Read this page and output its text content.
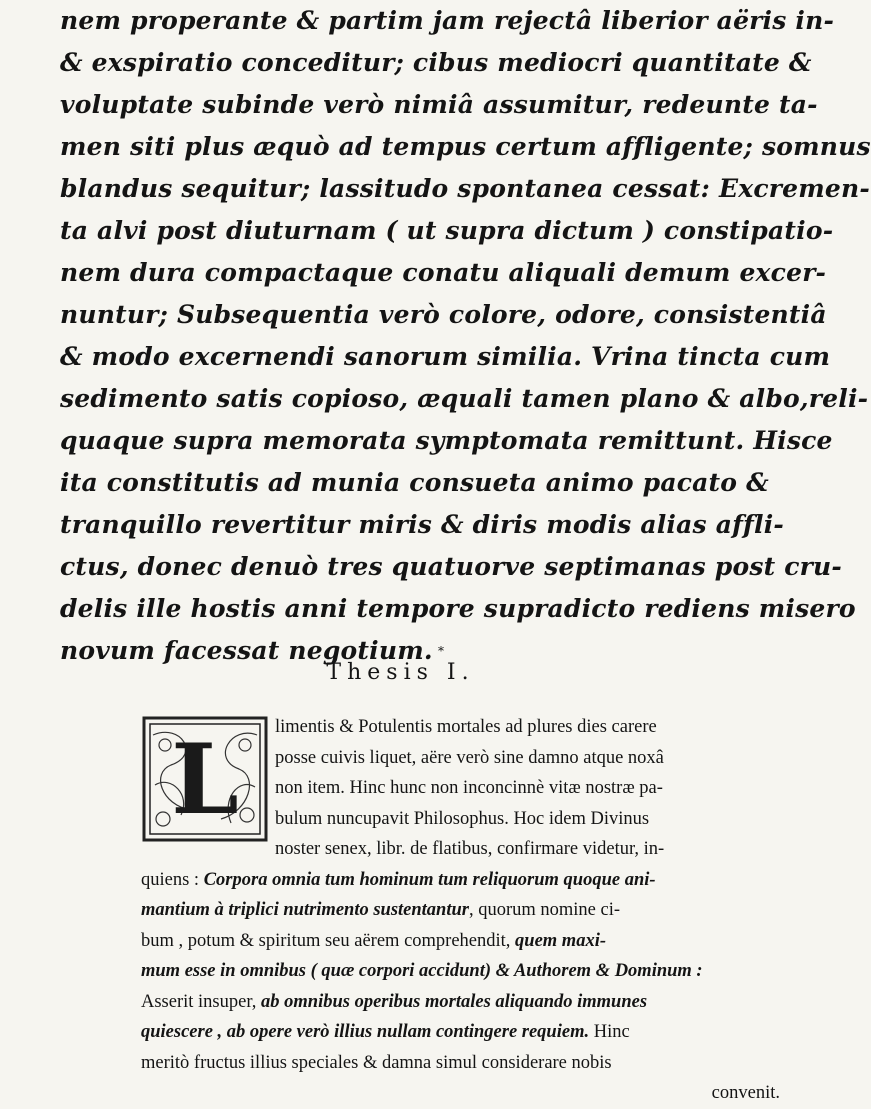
nem properante & partim jam rejectâ liberior aëris in-
& exspiratio conceditur; cibus mediocri quantitate &
voluptate subinde verò nimiâ assumitur, redeunte ta-
men siti plus æquò ad tempus certum affligente; somnus
blandus sequitur; lassitudo spontanea cessat: Excremen-
ta alvi post diuturnam ( ut supra dictum ) constipatio-
nem dura compactaque conatu aliquali demum excer-
nuntur; Subsequentia verò colore, odore, consistentiâ
& modo excernendi sanorum similia. Vrina tincta cum
sedimento satis copioso, æquali tamen plano & albo,reli-
quaque supra memorata symptomata remittunt. Hisce
ita constitutis ad munia consueta animo pacato &
tranquillo revertitur miris & diris modis alias affli-
ctus, donec denuò tres quatuorve septimanas post cru-
delis ille hostis anni tempore supradicto rediens misero
novum facessat negotium. *
Thesis I.
L	limentis & Potulentis mortales ad plures dies carere
posse cuivis liquet, aëre verò sine damno atque noxâ
non item. Hinc hunc non inconcinnè vitæ nostræ pa-
bulum nuncupavit Philosophus. Hoc idem Divinus
noster senex, libr. de flatibus, confirmare videtur, in-
quiens : Corpora omnia tum hominum tum reliquorum quoque ani-
mantium à triplici nutrimento sustentantur, quorum nomine ci-
bum , potum & spiritum seu aërem comprehendit, quem maxi-
mum esse in omnibus ( quæ corpori accidunt) & Authorem & Dominum :
Asserit insuper, ab omnibus operibus mortales aliquando immunes
quiescere , ab opere verò illius nullam contingere requiem. Hinc
meritò fructus illius speciales & damna simul considerare nobis
convenit.
